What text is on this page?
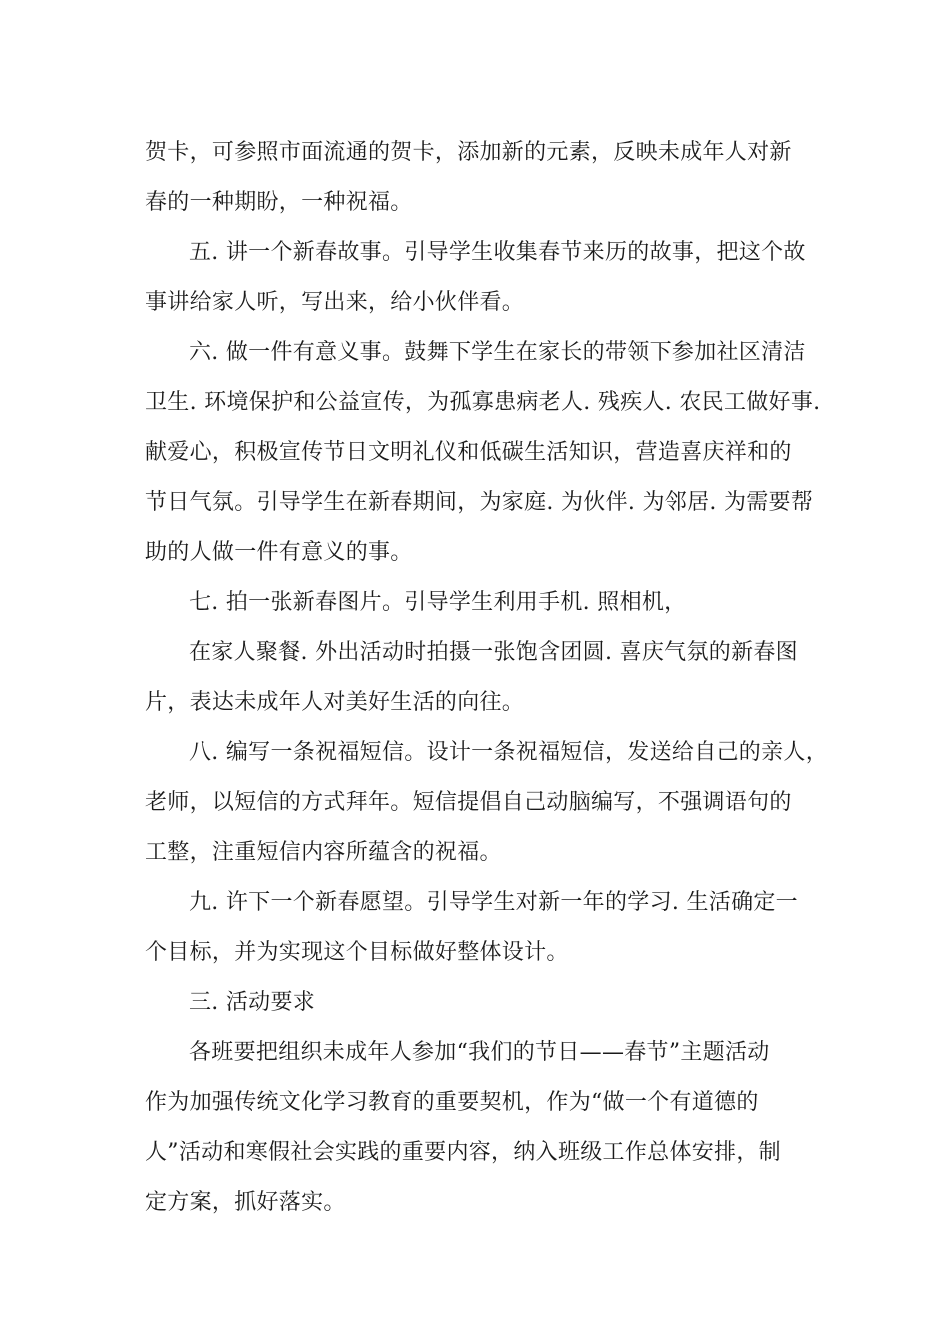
贺卡，可参照市面流通的贺卡，添加新的元素，反映未成年人对新
春的一种期盼，一种祝福。
五. 讲一个新春故事。引导学生收集春节来历的故事，把这个故
事讲给家人听，写出来，给小伙伴看。
六. 做一件有意义事。鼓舞下学生在家长的带领下参加社区清洁
卫生. 环境保护和公益宣传，为孤寡患病老人. 残疾人. 农民工做好事.
献爱心，积极宣传节日文明礼仪和低碳生活知识，营造喜庆祥和的
节日气氛。引导学生在新春期间，为家庭. 为伙伴. 为邻居. 为需要帮
助的人做一件有意义的事。
七. 拍一张新春图片。引导学生利用手机. 照相机，
在家人聚餐. 外出活动时拍摄一张饱含团圆. 喜庆气氛的新春图
片，表达未成年人对美好生活的向往。
八. 编写一条祝福短信。设计一条祝福短信，发送给自己的亲人，
老师，以短信的方式拜年。短信提倡自己动脑编写，不强调语句的
工整，注重短信内容所蕴含的祝福。
九. 许下一个新春愿望。引导学生对新一年的学习. 生活确定一
个目标，并为实现这个目标做好整体设计。
三. 活动要求
各班要把组织未成年人参加“我们的节日——春节”主题活动
作为加强传统文化学习教育的重要契机，作为“做一个有道德的
人”活动和寒假社会实践的重要内容，纳入班级工作总体安排，制
定方案，抓好落实。
